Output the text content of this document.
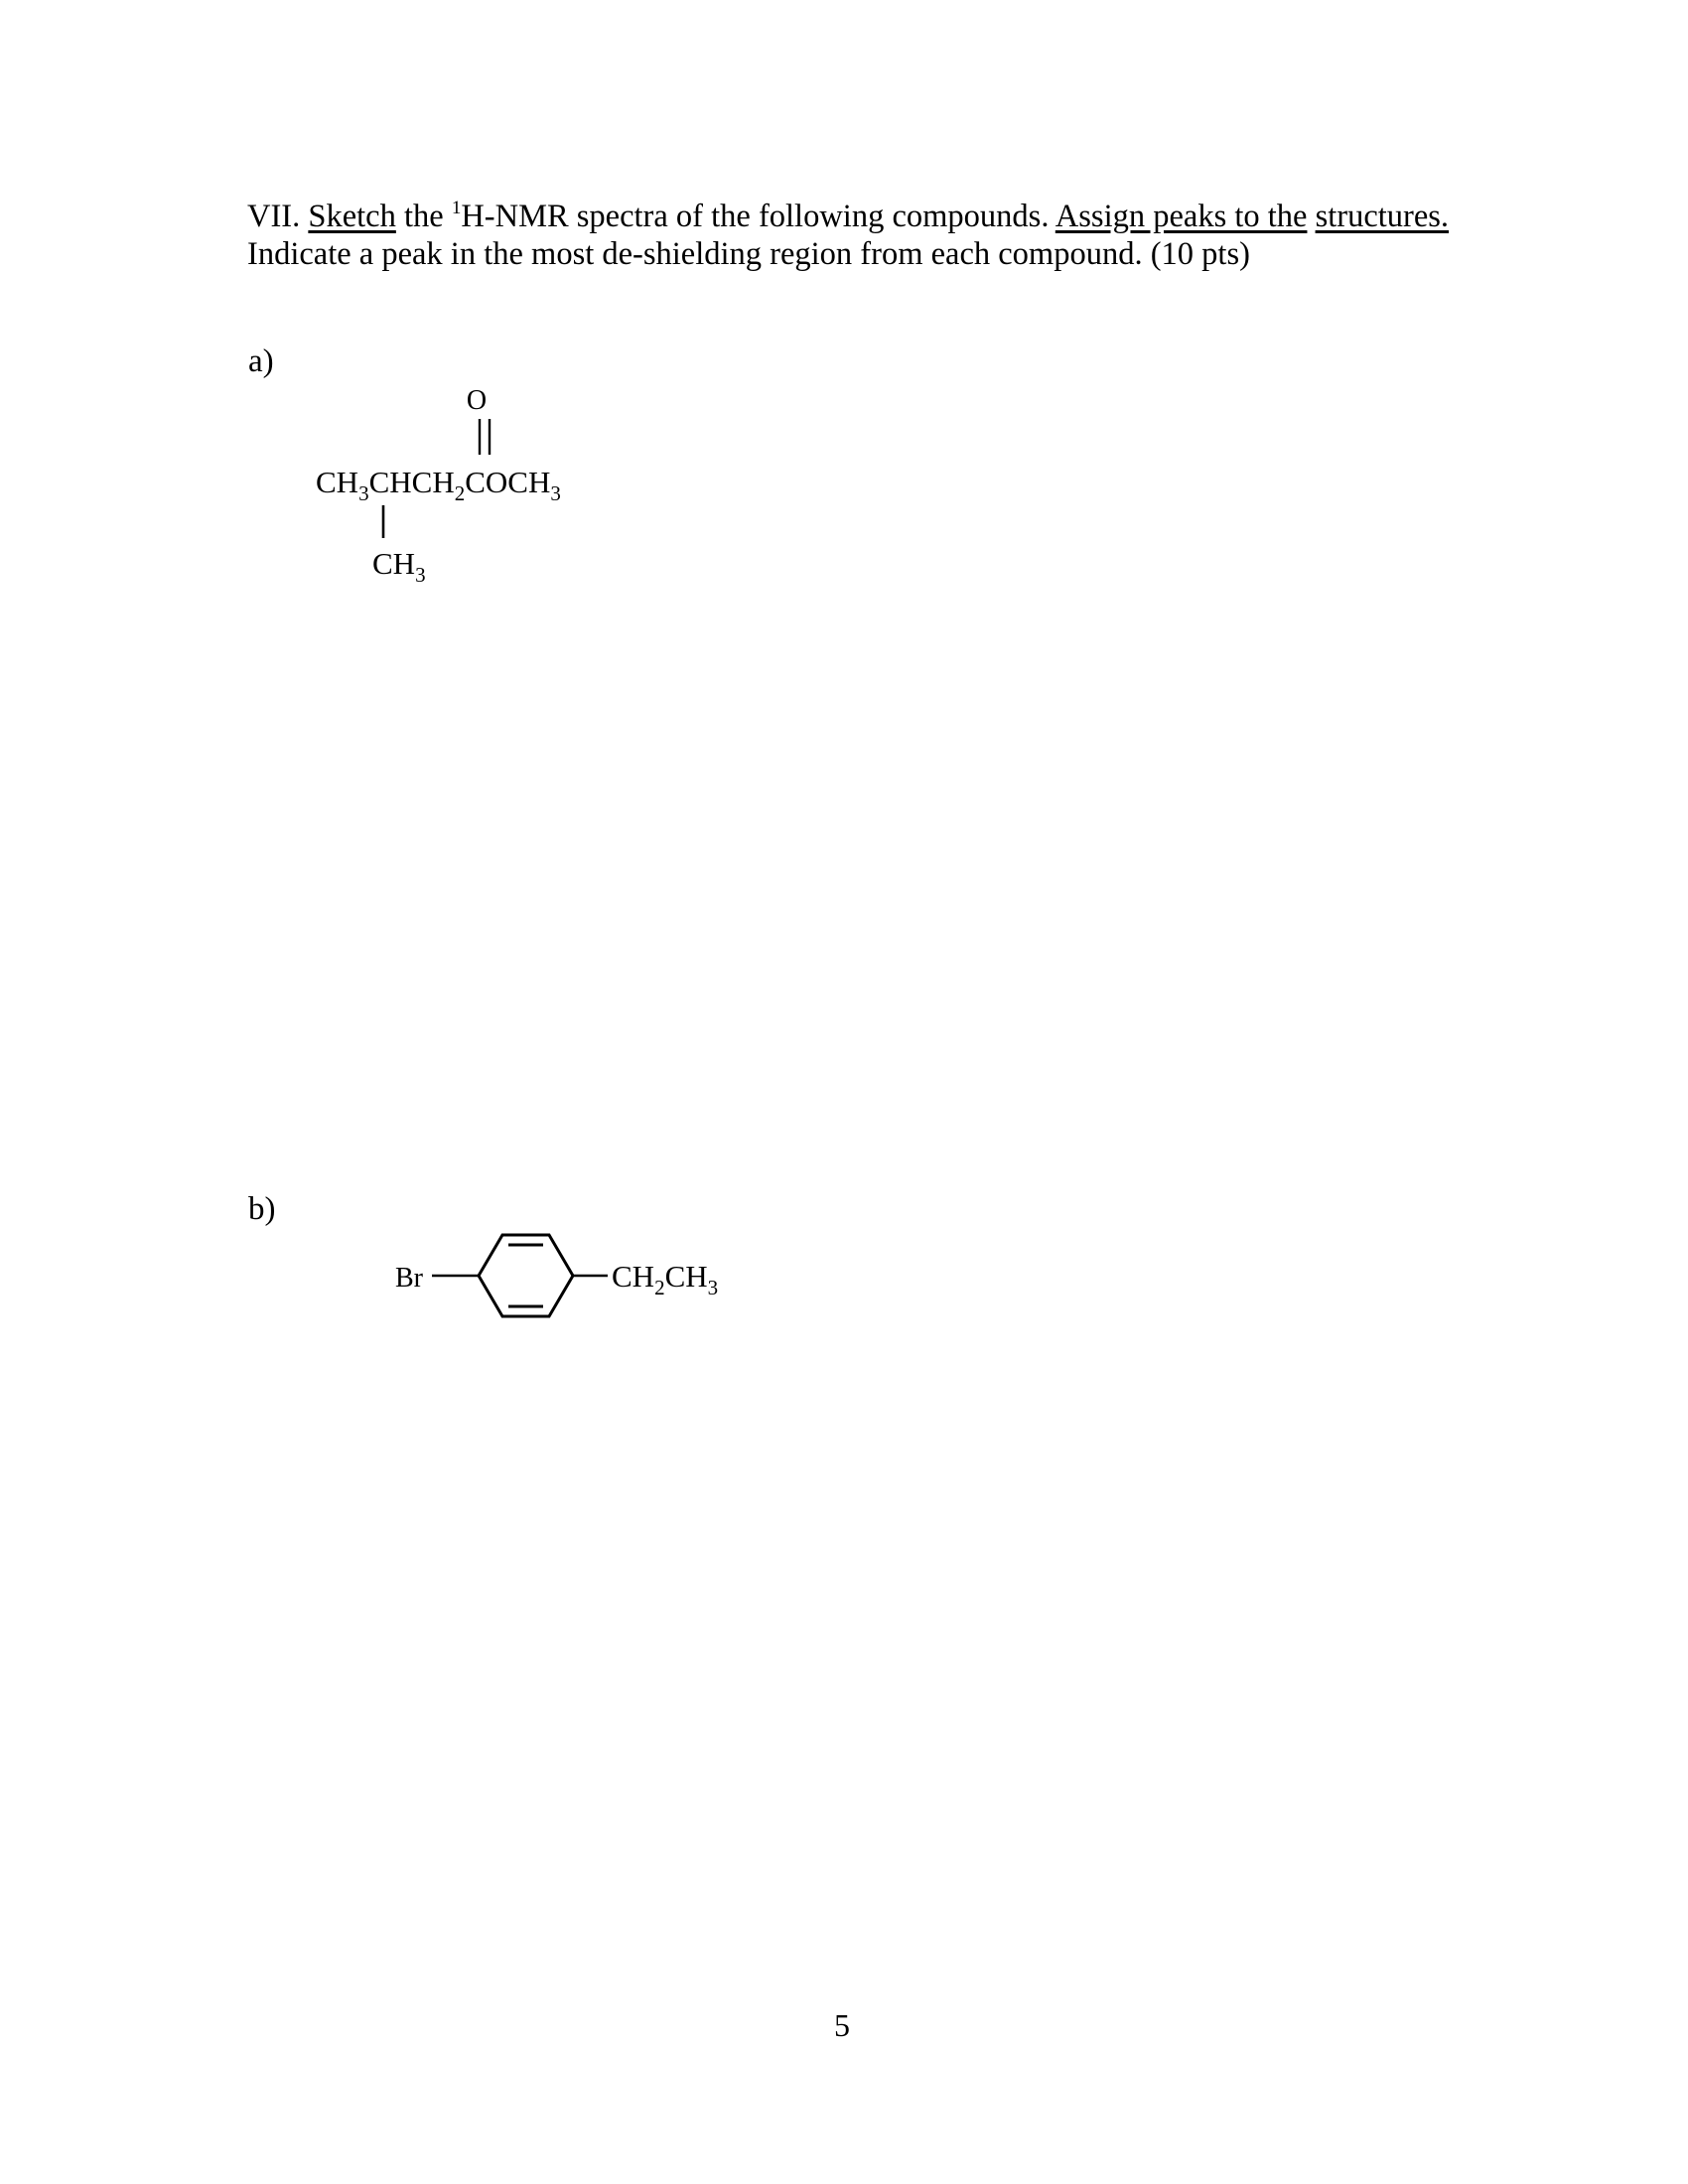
VII. Sketch the $^1$H-NMR spectra of the following compounds. Assign peaks to the structures. Indicate a peak in the most de-shielding region from each compound. (10 pts)
a)
O
$CH_3CHCH_2COCH_3$
$CH_3$
b)
Br	$CH_2CH_3$
5
